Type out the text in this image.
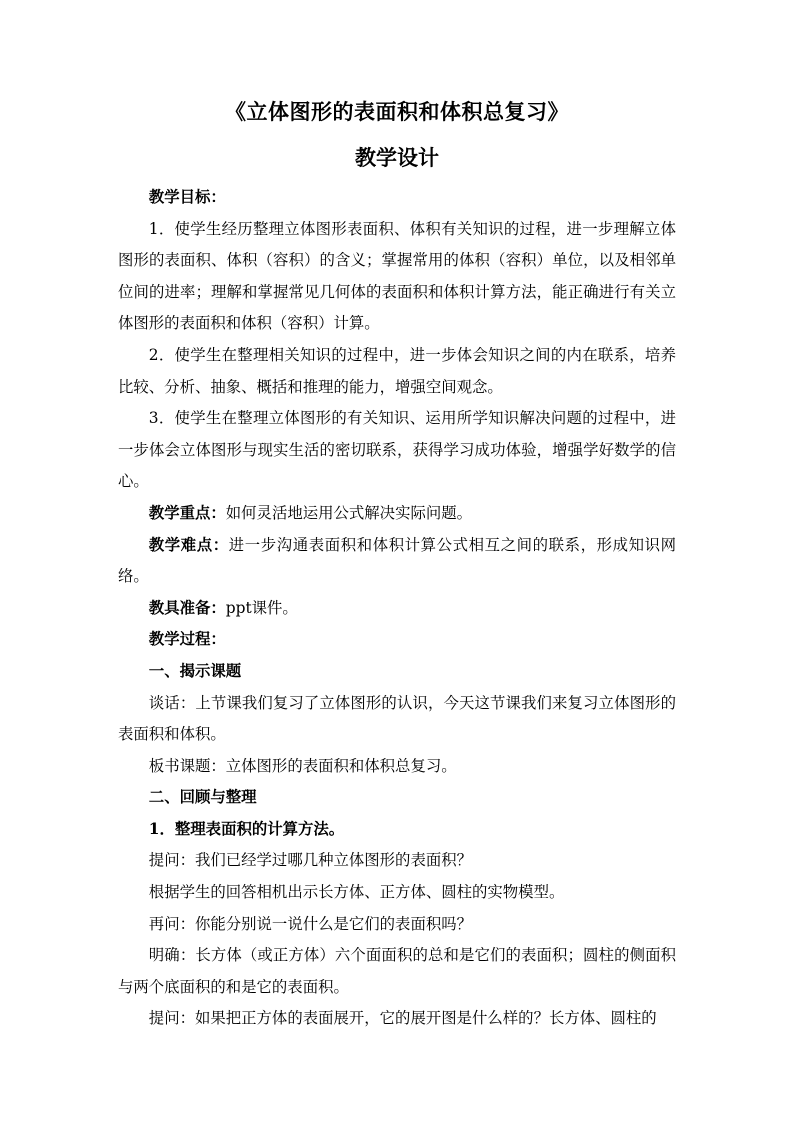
《立体图形的表面积和体积总复习》
教学设计

教学目标：

1．使学生经历整理立体图形表面积、体积有关知识的过程，进一步理解立体图形的表面积、体积（容积）的含义；掌握常用的体积（容积）单位，以及相邻单位间的进率；理解和掌握常见几何体的表面积和体积计算方法，能正确进行有关立体图形的表面积和体积（容积）计算。

2．使学生在整理相关知识的过程中，进一步体会知识之间的内在联系，培养比较、分析、抽象、概括和推理的能力，增强空间观念。

3．使学生在整理立体图形的有关知识、运用所学知识解决问题的过程中，进一步体会立体图形与现实生活的密切联系，获得学习成功体验，增强学好数学的信心。

教学重点：如何灵活地运用公式解决实际问题。

教学难点：进一步沟通表面积和体积计算公式相互之间的联系，形成知识网络。

教具准备：ppt课件。

教学过程：

一、揭示课题

谈话：上节课我们复习了立体图形的认识，今天这节课我们来复习立体图形的表面积和体积。

板书课题：立体图形的表面积和体积总复习。

二、回顾与整理

1．整理表面积的计算方法。

提问：我们已经学过哪几种立体图形的表面积？

根据学生的回答相机出示长方体、正方体、圆柱的实物模型。

再问：你能分别说一说什么是它们的表面积吗？

明确：长方体（或正方体）六个面面积的总和是它们的表面积；圆柱的侧面积与两个底面积的和是它的表面积。

提问：如果把正方体的表面展开，它的展开图是什么样的？长方体、圆柱的
